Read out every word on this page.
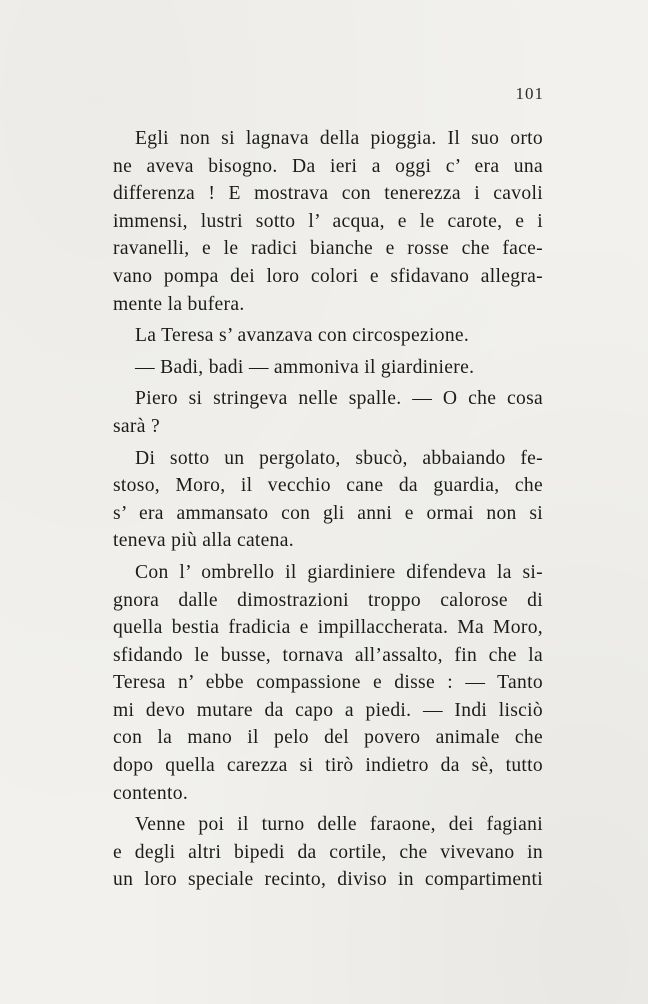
101
Egli non si lagnava della pioggia. Il suo orto
ne aveva bisogno. Da ieri a oggi c’ era una
differenza ! E mostrava con tenerezza i cavoli
immensi, lustri sotto l’ acqua, e le carote, e i
ravanelli, e le radici bianche e rosse che face-
vano pompa dei loro colori e sfidavano allegra-
mente la bufera.
La Teresa s’ avanzava con circospezione.
— Badi, badi — ammoniva il giardiniere.
Piero si stringeva nelle spalle. — O che cosa
sarà ?
Di sotto un pergolato, sbucò, abbaiando fe-
stoso, Moro, il vecchio cane da guardia, che
s’ era ammansato con gli anni e ormai non si
teneva più alla catena.
Con l’ ombrello il giardiniere difendeva la si-
gnora dalle dimostrazioni troppo calorose di
quella bestia fradicia e impillaccherata. Ma Moro,
sfidando le busse, tornava all’assalto, fin che la
Teresa n’ ebbe compassione e disse : — Tanto
mi devo mutare da capo a piedi. — Indi lisciò
con la mano il pelo del povero animale che
dopo quella carezza si tirò indietro da sè, tutto
contento.
Venne poi il turno delle faraone, dei fagiani
e degli altri bipedi da cortile, che vivevano in
un loro speciale recinto, diviso in compartimenti
